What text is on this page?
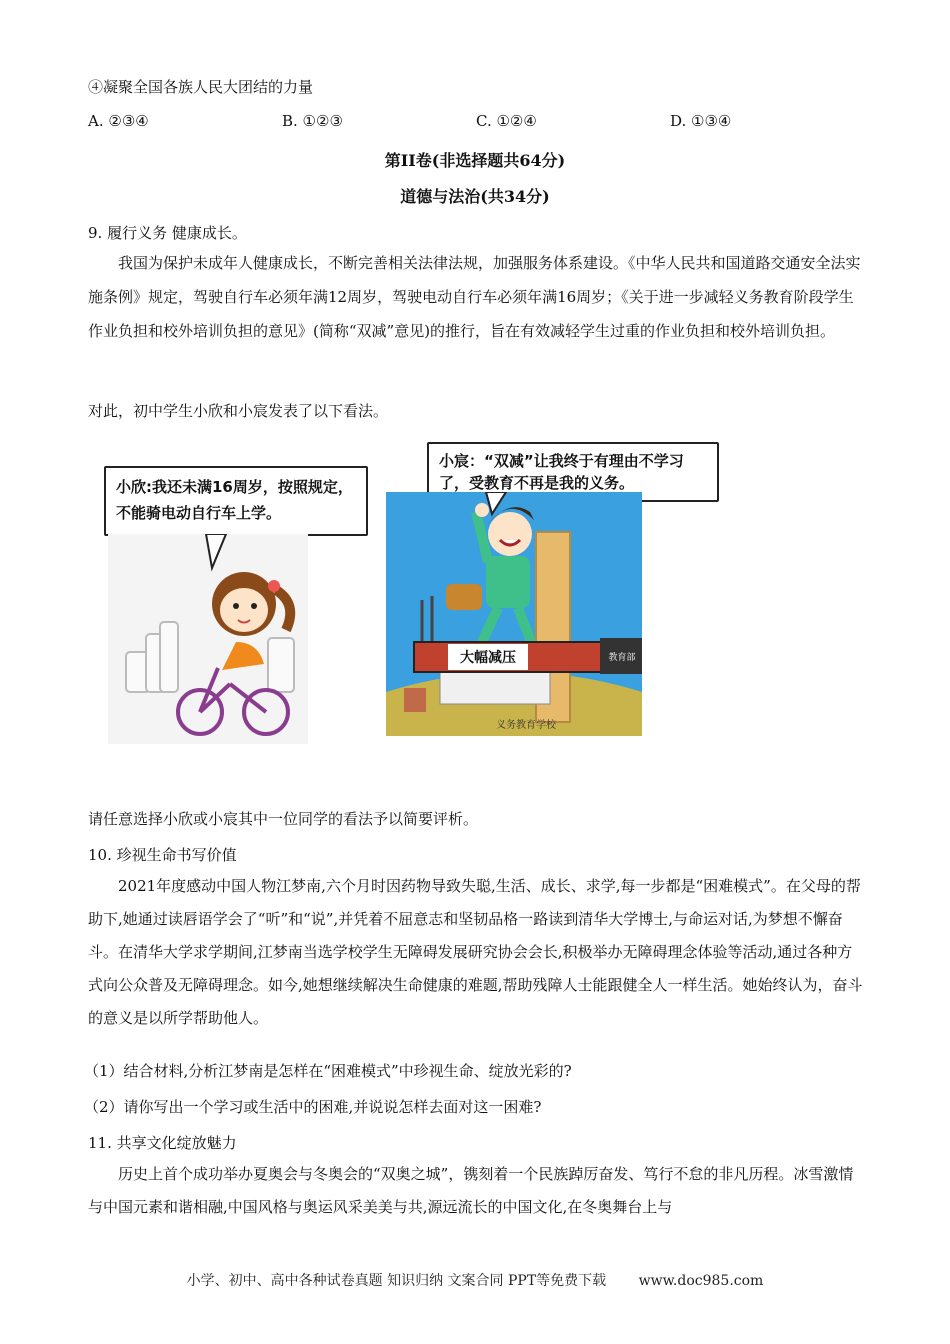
④凝聚全国各族人民大团结的力量
A. ②③④	B. ①②③	C. ①②④	D. ①③④
第II卷(非选择题共64分)
道德与法治(共34分)
9. 履行义务 健康成长。
我国为保护未成年人健康成长，不断完善相关法律法规，加强服务体系建设。《中华人民共和国道路交通安全法实施条例》规定，驾驶自行车必须年满12周岁，驾驶电动自行车必须年满16周岁；《关于进一步减轻义务教育阶段学生作业负担和校外培训负担的意见》(简称“双减”意见)的推行，旨在有效减轻学生过重的作业负担和校外培训负担。
对此，初中学生小欣和小宸发表了以下看法。
小欣:我还未满16周岁，按照规定，不能骑电动自行车上学。
小宸：“双减”让我终于有理由不学习了，受教育不再是我的义务。
大幅减压	教育部
义务教育学校
请任意选择小欣或小宸其中一位同学的看法予以简要评析。
10. 珍视生命书写价值
2021年度感动中国人物江梦南,六个月时因药物导致失聪,生活、成长、求学,每一步都是“困难模式”。在父母的帮助下,她通过读唇语学会了“听”和“说”,并凭着不屈意志和坚韧品格一路读到清华大学博士,与命运对话,为梦想不懈奋斗。在清华大学求学期间,江梦南当选学校学生无障碍发展研究协会会长,积极举办无障碍理念体验等活动,通过各种方式向公众普及无障碍理念。如今,她想继续解决生命健康的难题,帮助残障人士能跟健全人一样生活。她始终认为，奋斗的意义是以所学帮助他人。
（1）结合材料,分析江梦南是怎样在“困难模式”中珍视生命、绽放光彩的?
（2）请你写出一个学习或生活中的困难,并说说怎样去面对这一困难?
11. 共享文化绽放魅力
历史上首个成功举办夏奥会与冬奥会的“双奥之城”，镌刻着一个民族踔厉奋发、笃行不怠的非凡历程。冰雪激情与中国元素和谐相融,中国风格与奥运风采美美与共,源远流长的中国文化,在冬奥舞台上与
小学、初中、高中各种试卷真题 知识归纳 文案合同 PPT等免费下载 www.doc985.com
